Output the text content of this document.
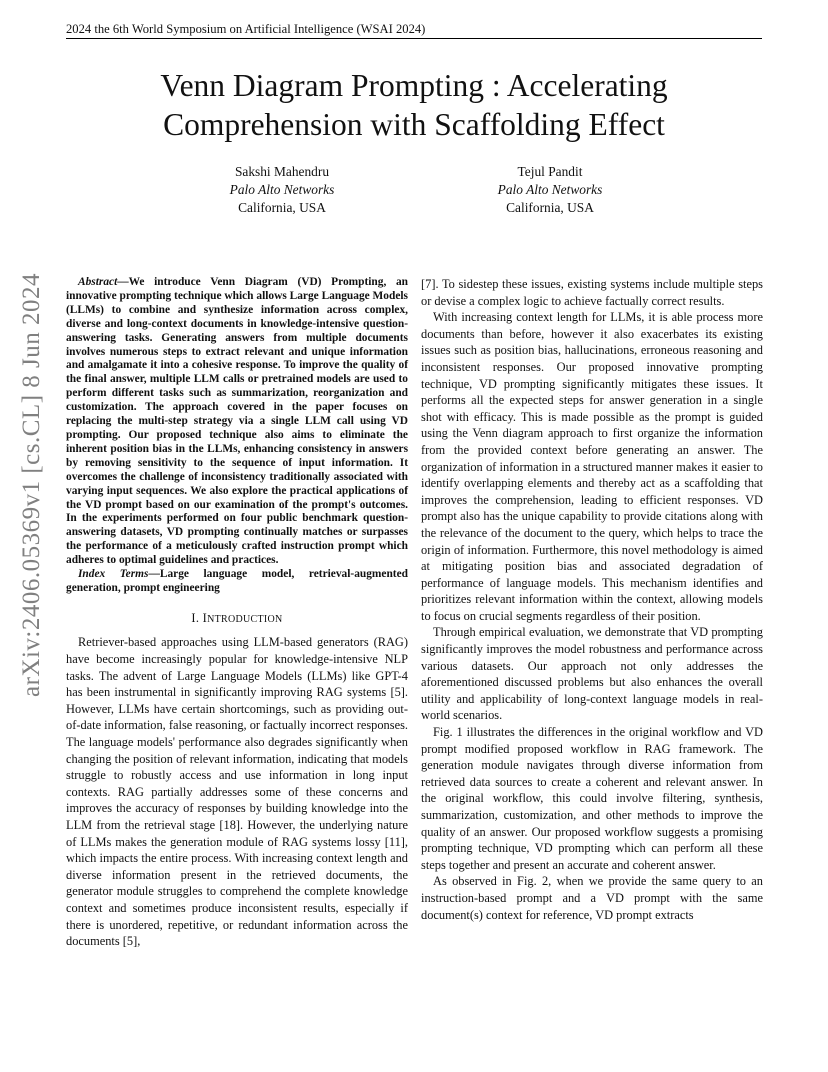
2024 the 6th World Symposium on Artificial Intelligence (WSAI 2024)
arXiv:2406.05369v1 [cs.CL] 8 Jun 2024
Venn Diagram Prompting : Accelerating
Comprehension with Scaffolding Effect
Sakshi Mahendru
Palo Alto Networks
California, USA
Tejul Pandit
Palo Alto Networks
California, USA
Abstract—We introduce Venn Diagram (VD) Prompting, an innovative prompting technique which allows Large Language Models (LLMs) to combine and synthesize information across complex, diverse and long-context documents in knowledge-intensive question-answering tasks. Generating answers from multiple documents involves numerous steps to extract relevant and unique information and amalgamate it into a cohesive response. To improve the quality of the final answer, multiple LLM calls or pretrained models are used to perform different tasks such as summarization, reorganization and customization. The approach covered in the paper focuses on replacing the multi-step strategy via a single LLM call using VD prompting. Our proposed technique also aims to eliminate the inherent position bias in the LLMs, enhancing consistency in answers by removing sensitivity to the sequence of input information. It overcomes the challenge of inconsistency traditionally associated with varying input sequences. We also explore the practical applications of the VD prompt based on our examination of the prompt's outcomes. In the experiments performed on four public benchmark question-answering datasets, VD prompting continually matches or surpasses the performance of a meticulously crafted instruction prompt which adheres to optimal guidelines and practices.
Index Terms—Large language model, retrieval-augmented generation, prompt engineering
I. INTRODUCTION

Retriever-based approaches using LLM-based generators (RAG) have become increasingly popular for knowledge-intensive NLP tasks. The advent of Large Language Models (LLMs) like GPT-4 has been instrumental in significantly improving RAG systems [5]. However, LLMs have certain shortcomings, such as providing out-of-date information, false reasoning, or factually incorrect responses. The language models' performance also degrades significantly when changing the position of relevant information, indicating that models struggle to robustly access and use information in long input contexts. RAG partially addresses some of these concerns and improves the accuracy of responses by building knowledge into the LLM from the retrieval stage [18]. However, the underlying nature of LLMs makes the generation module of RAG systems lossy [11], which impacts the entire process. With increasing context length and diverse information present in the retrieved documents, the generator module struggles to comprehend the complete knowledge context and sometimes produce inconsistent results, especially if there is unordered, repetitive, or redundant information across the documents [5],

[7]. To sidestep these issues, existing systems include multiple steps or devise a complex logic to achieve factually correct results.

With increasing context length for LLMs, it is able process more documents than before, however it also exacerbates its existing issues such as position bias, hallucinations, erroneous reasoning and inconsistent responses. Our proposed innovative prompting technique, VD prompting significantly mitigates these issues. It performs all the expected steps for answer generation in a single shot with efficacy. This is made possible as the prompt is guided using the Venn diagram approach to first organize the information from the provided context before generating an answer. The organization of information in a structured manner makes it easier to identify overlapping elements and thereby act as a scaffolding that improves the comprehension, leading to efficient responses. VD prompt also has the unique capability to provide citations along with the relevance of the document to the query, which helps to trace the origin of information. Furthermore, this novel methodology is aimed at mitigating position bias and associated degradation of performance of language models. This mechanism identifies and prioritizes relevant information within the context, allowing models to focus on crucial segments regardless of their position.

Through empirical evaluation, we demonstrate that VD prompting significantly improves the model robustness and performance across various datasets. Our approach not only addresses the aforementioned discussed problems but also enhances the overall utility and applicability of long-context language models in real-world scenarios.

Fig. 1 illustrates the differences in the original workflow and VD prompt modified proposed workflow in RAG framework. The generation module navigates through diverse information from retrieved data sources to create a coherent and relevant answer. In the original workflow, this could involve filtering, synthesis, summarization, customization, and other methods to improve the quality of an answer. Our proposed workflow suggests a promising prompting technique, VD prompting which can perform all these steps together and present an accurate and coherent answer.

As observed in Fig. 2, when we provide the same query to an instruction-based prompt and a VD prompt with the same document(s) context for reference, VD prompt extracts
